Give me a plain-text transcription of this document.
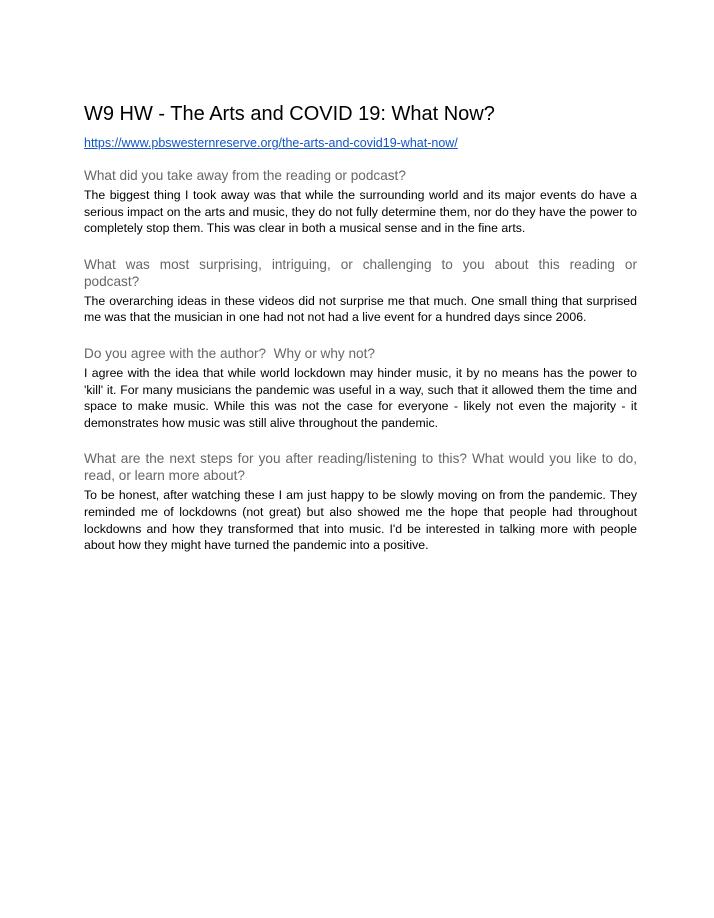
W9 HW - The Arts and COVID 19: What Now?
https://www.pbswesternreserve.org/the-arts-and-covid19-what-now/

What did you take away from the reading or podcast?

The biggest thing I took away was that while the surrounding world and its major events do have a serious impact on the arts and music, they do not fully determine them, nor do they have the power to completely stop them. This was clear in both a musical sense and in the fine arts.

What was most surprising, intriguing, or challenging to you about this reading or podcast?

The overarching ideas in these videos did not surprise me that much. One small thing that surprised me was that the musician in one had not not had a live event for a hundred days since 2006.

Do you agree with the author?  Why or why not?

I agree with the idea that while world lockdown may hinder music, it by no means has the power to 'kill' it. For many musicians the pandemic was useful in a way, such that it allowed them the time and space to make music. While this was not the case for everyone - likely not even the majority - it demonstrates how music was still alive throughout the pandemic.

What are the next steps for you after reading/listening to this? What would you like to do, read, or learn more about?

To be honest, after watching these I am just happy to be slowly moving on from the pandemic. They reminded me of lockdowns (not great) but also showed me the hope that people had throughout lockdowns and how they transformed that into music. I'd be interested in talking more with people about how they might have turned the pandemic into a positive.
